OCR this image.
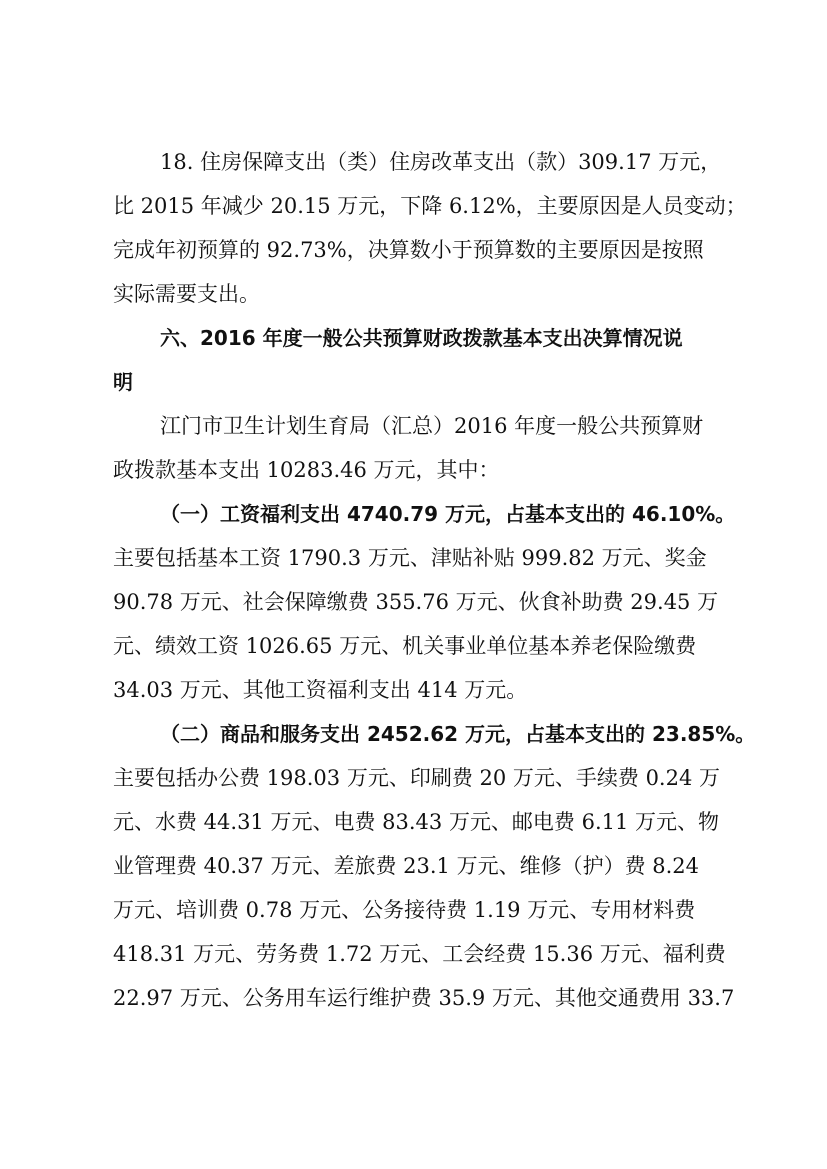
18. 住房保障支出（类）住房改革支出（款）309.17 万元，
比 2015 年减少 20.15 万元，下降 6.12%，主要原因是人员变动；
完成年初预算的 92.73%，决算数小于预算数的主要原因是按照
实际需要支出。
六、2016 年度一般公共预算财政拨款基本支出决算情况说
明
江门市卫生计划生育局（汇总）2016 年度一般公共预算财
政拨款基本支出 10283.46 万元，其中：
（一）工资福利支出 4740.79 万元，占基本支出的 46.10%。
主要包括基本工资 1790.3 万元、津贴补贴 999.82 万元、奖金
90.78 万元、社会保障缴费 355.76 万元、伙食补助费 29.45 万
元、绩效工资 1026.65 万元、机关事业单位基本养老保险缴费
34.03 万元、其他工资福利支出 414 万元。
（二）商品和服务支出 2452.62 万元，占基本支出的 23.85%。
主要包括办公费 198.03 万元、印刷费 20 万元、手续费 0.24 万
元、水费 44.31 万元、电费 83.43 万元、邮电费 6.11 万元、物
业管理费 40.37 万元、差旅费 23.1 万元、维修（护）费 8.24
万元、培训费 0.78 万元、公务接待费 1.19 万元、专用材料费
418.31 万元、劳务费 1.72 万元、工会经费 15.36 万元、福利费
22.97 万元、公务用车运行维护费 35.9 万元、其他交通费用 33.7
